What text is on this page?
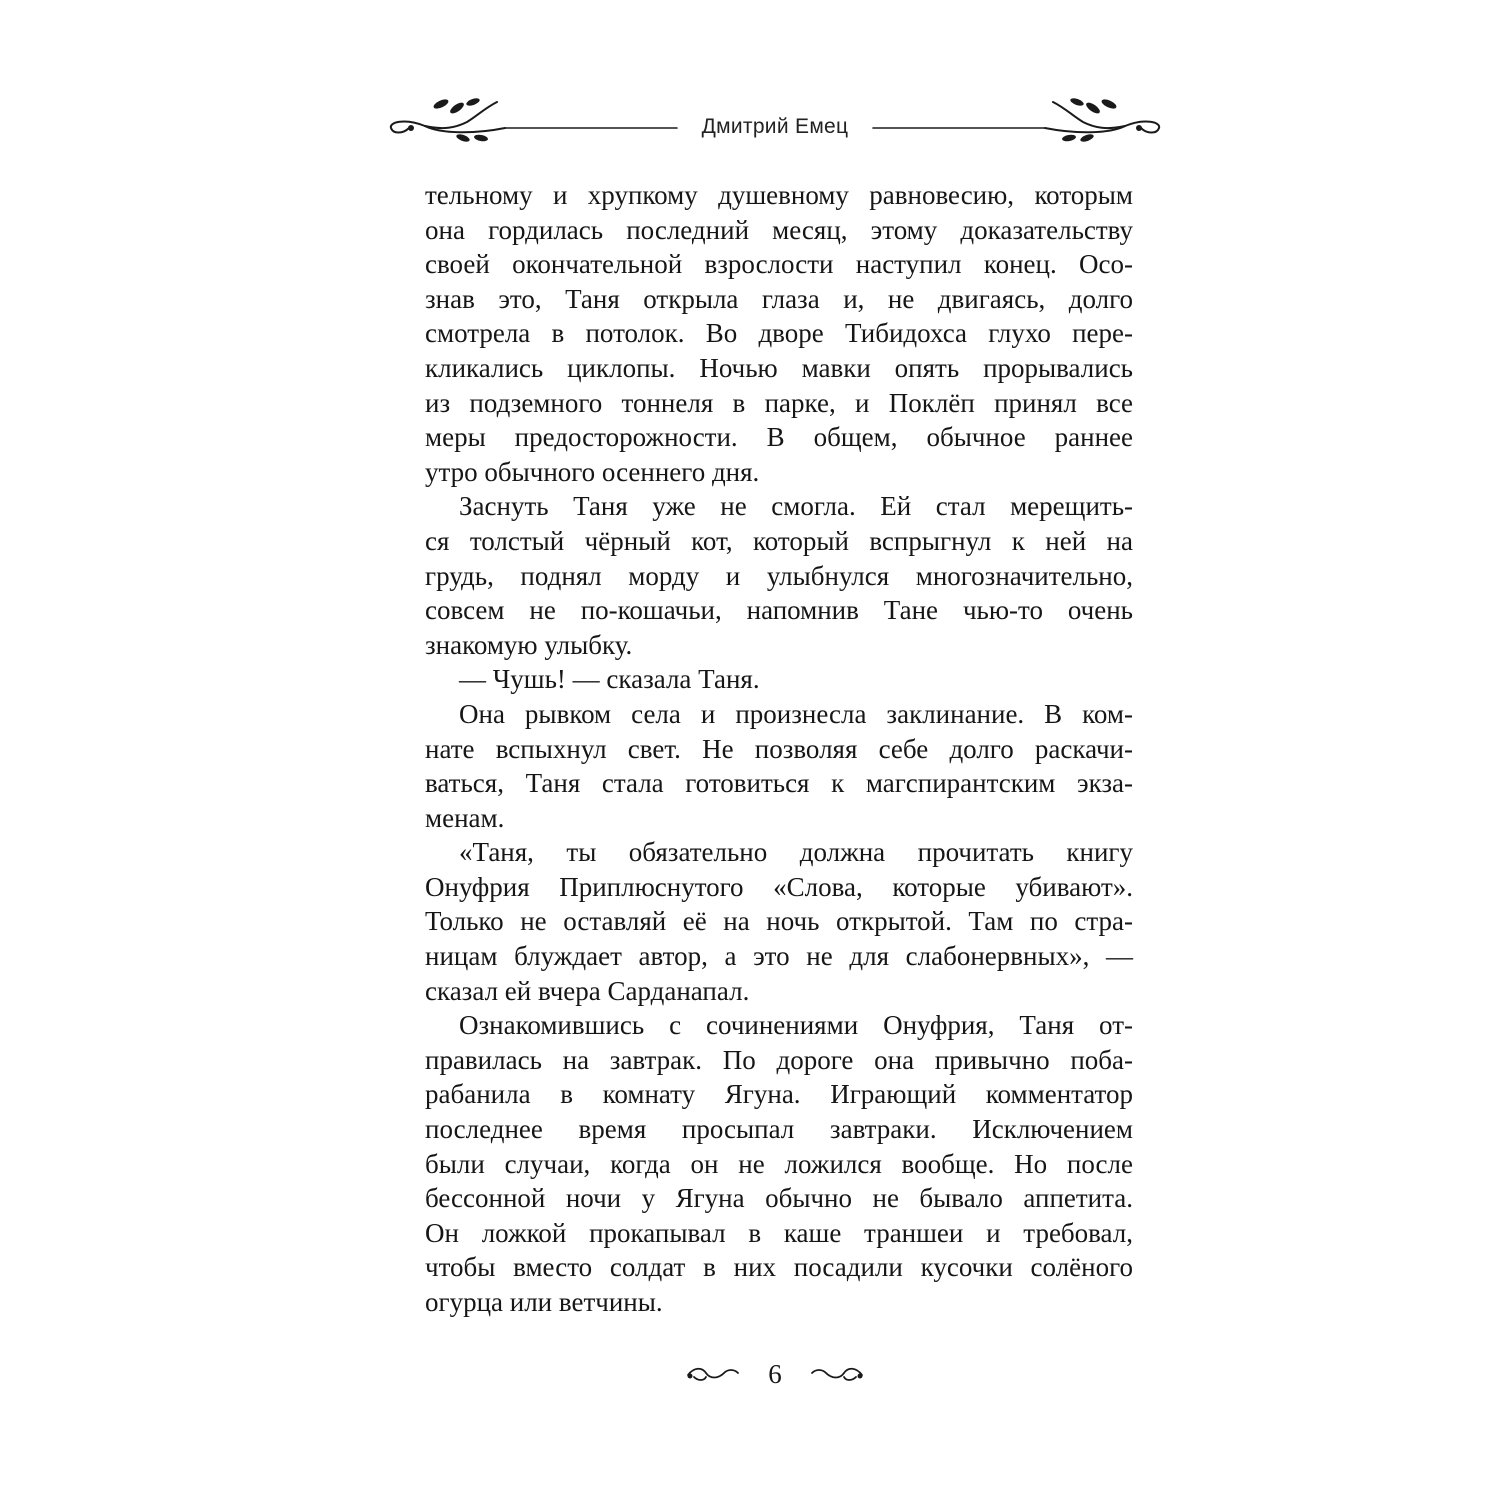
Дмитрий Емец
тельному и хрупкому душевному равновесию, которым
она гордилась последний месяц, этому доказательству
своей окончательной взрослости наступил конец. Осо-
знав это, Таня открыла глаза и, не двигаясь, долго
смотрела в потолок. Во дворе Тибидохса глухо пере-
кликались циклопы. Ночью мавки опять прорывались
из подземного тоннеля в парке, и Поклёп принял все
меры предосторожности. В общем, обычное раннее
утро обычного осеннего дня.
Заснуть Таня уже не смогла. Ей стал мерещить-
ся толстый чёрный кот, который вспрыгнул к ней на
грудь, поднял морду и улыбнулся многозначительно,
совсем не по-кошачьи, напомнив Тане чью-то очень
знакомую улыбку.
— Чушь! — сказала Таня.
Она рывком села и произнесла заклинание. В ком-
нате вспыхнул свет. Не позволяя себе долго раскачи-
ваться, Таня стала готовиться к магспирантским экза-
менам.
«Таня, ты обязательно должна прочитать книгу
Онуфрия Приплюснутого «Слова, которые убивают».
Только не оставляй её на ночь открытой. Там по стра-
ницам блуждает автор, а это не для слабонервных», —
сказал ей вчера Сарданапал.
Ознакомившись с сочинениями Онуфрия, Таня от-
правилась на завтрак. По дороге она привычно поба-
рабанила в комнату Ягуна. Играющий комментатор
последнее время просыпал завтраки. Исключением
были случаи, когда он не ложился вообще. Но после
бессонной ночи у Ягуна обычно не бывало аппетита.
Он ложкой прокапывал в каше траншеи и требовал,
чтобы вместо солдат в них посадили кусочки солёного
огурца или ветчины.
6
